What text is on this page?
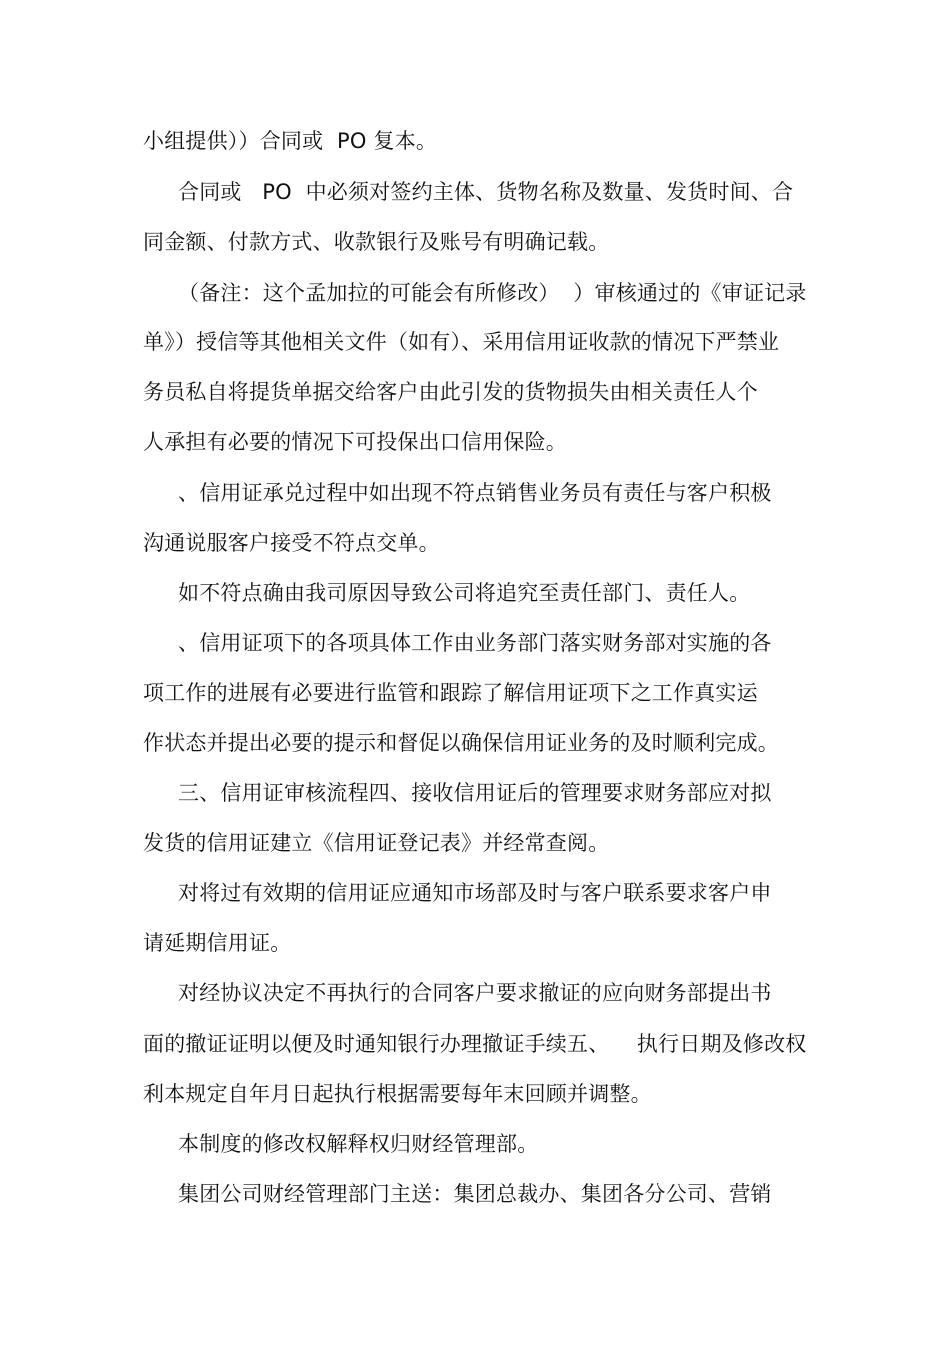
小组提供））合同或  PO 复本。
合同或   PO  中必须对签约主体、货物名称及数量、发货时间、合
同金额、付款方式、收款银行及账号有明确记载。
（备注：这个孟加拉的可能会有所修改）  ）审核通过的《审证记录
单》）授信等其他相关文件（如有）、采用信用证收款的情况下严禁业
务员私自将提货单据交给客户由此引发的货物损失由相关责任人个
人承担有必要的情况下可投保出口信用保险。
、信用证承兑过程中如出现不符点销售业务员有责任与客户积极
沟通说服客户接受不符点交单。
如不符点确由我司原因导致公司将追究至责任部门、责任人。
、信用证项下的各项具体工作由业务部门落实财务部对实施的各
项工作的进展有必要进行监管和跟踪了解信用证项下之工作真实运
作状态并提出必要的提示和督促以确保信用证业务的及时顺利完成。
三、信用证审核流程四、接收信用证后的管理要求财务部应对拟
发货的信用证建立《信用证登记表》并经常查阅。
对将过有效期的信用证应通知市场部及时与客户联系要求客户申
请延期信用证。
对经协议决定不再执行的合同客户要求撤证的应向财务部提出书
面的撤证证明以便及时通知银行办理撤证手续五、    执行日期及修改权
利本规定自年月日起执行根据需要每年末回顾并调整。
本制度的修改权解释权归财经管理部。
集团公司财经管理部门主送：集团总裁办、集团各分公司、营销
